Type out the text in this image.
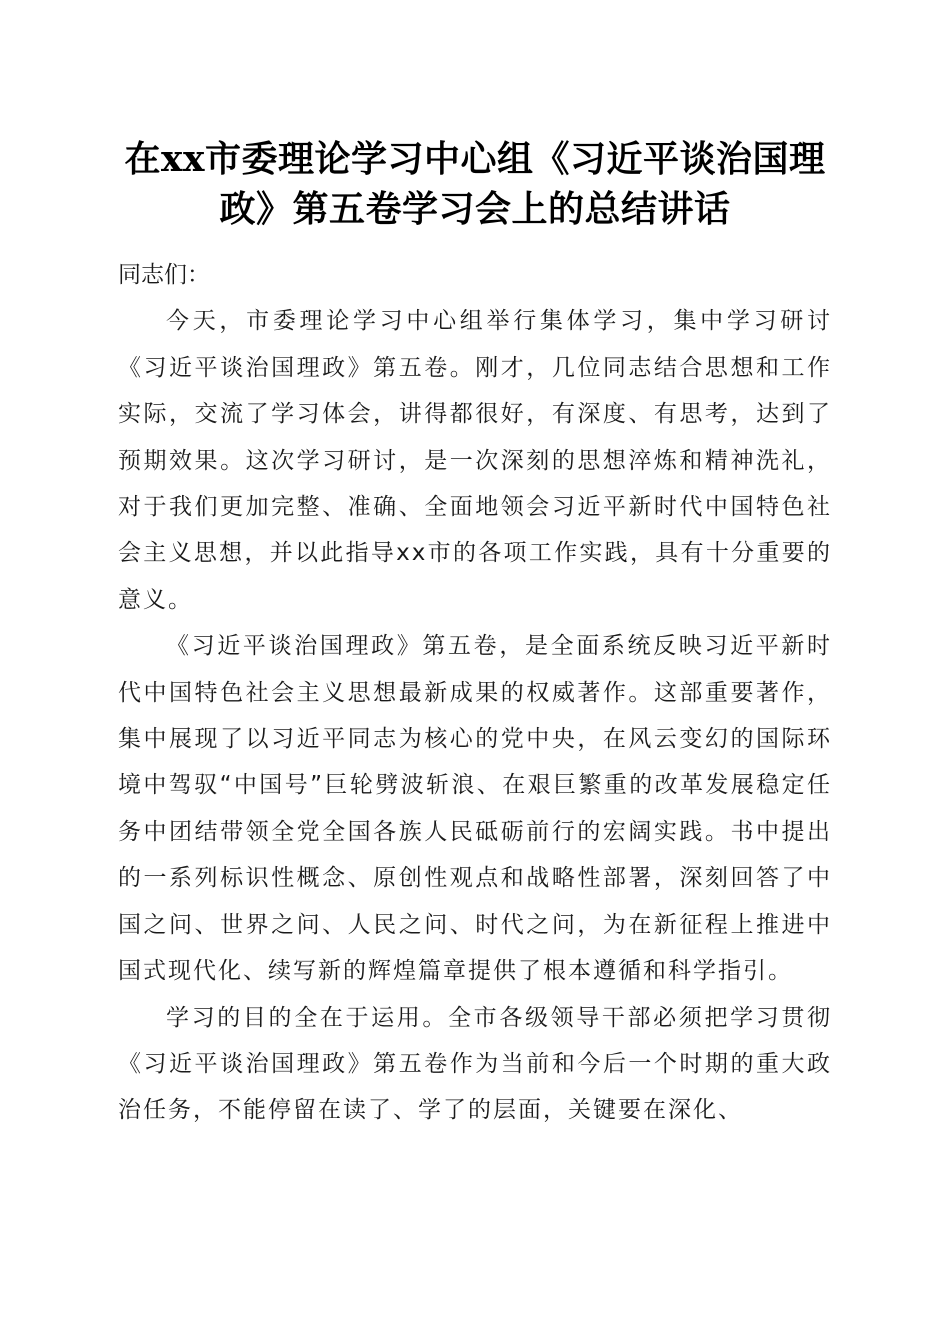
在xx市委理论学习中心组《习近平谈治国理政》第五卷学习会上的总结讲话

同志们：

今天，市委理论学习中心组举行集体学习，集中学习研讨《习近平谈治国理政》第五卷。刚才，几位同志结合思想和工作实际，交流了学习体会，讲得都很好，有深度、有思考，达到了预期效果。这次学习研讨，是一次深刻的思想淬炼和精神洗礼，对于我们更加完整、准确、全面地领会习近平新时代中国特色社会主义思想，并以此指导xx市的各项工作实践，具有十分重要的意义。

《习近平谈治国理政》第五卷，是全面系统反映习近平新时代中国特色社会主义思想最新成果的权威著作。这部重要著作，集中展现了以习近平同志为核心的党中央，在风云变幻的国际环境中驾驭“中国号”巨轮劈波斩浪、在艰巨繁重的改革发展稳定任务中团结带领全党全国各族人民砥砺前行的宏阔实践。书中提出的一系列标识性概念、原创性观点和战略性部署，深刻回答了中国之问、世界之问、人民之问、时代之问，为在新征程上推进中国式现代化、续写新的辉煌篇章提供了根本遵循和科学指引。

学习的目的全在于运用。全市各级领导干部必须把学习贯彻《习近平谈治国理政》第五卷作为当前和今后一个时期的重大政治任务，不能停留在读了、学了的层面，关键要在深化、
